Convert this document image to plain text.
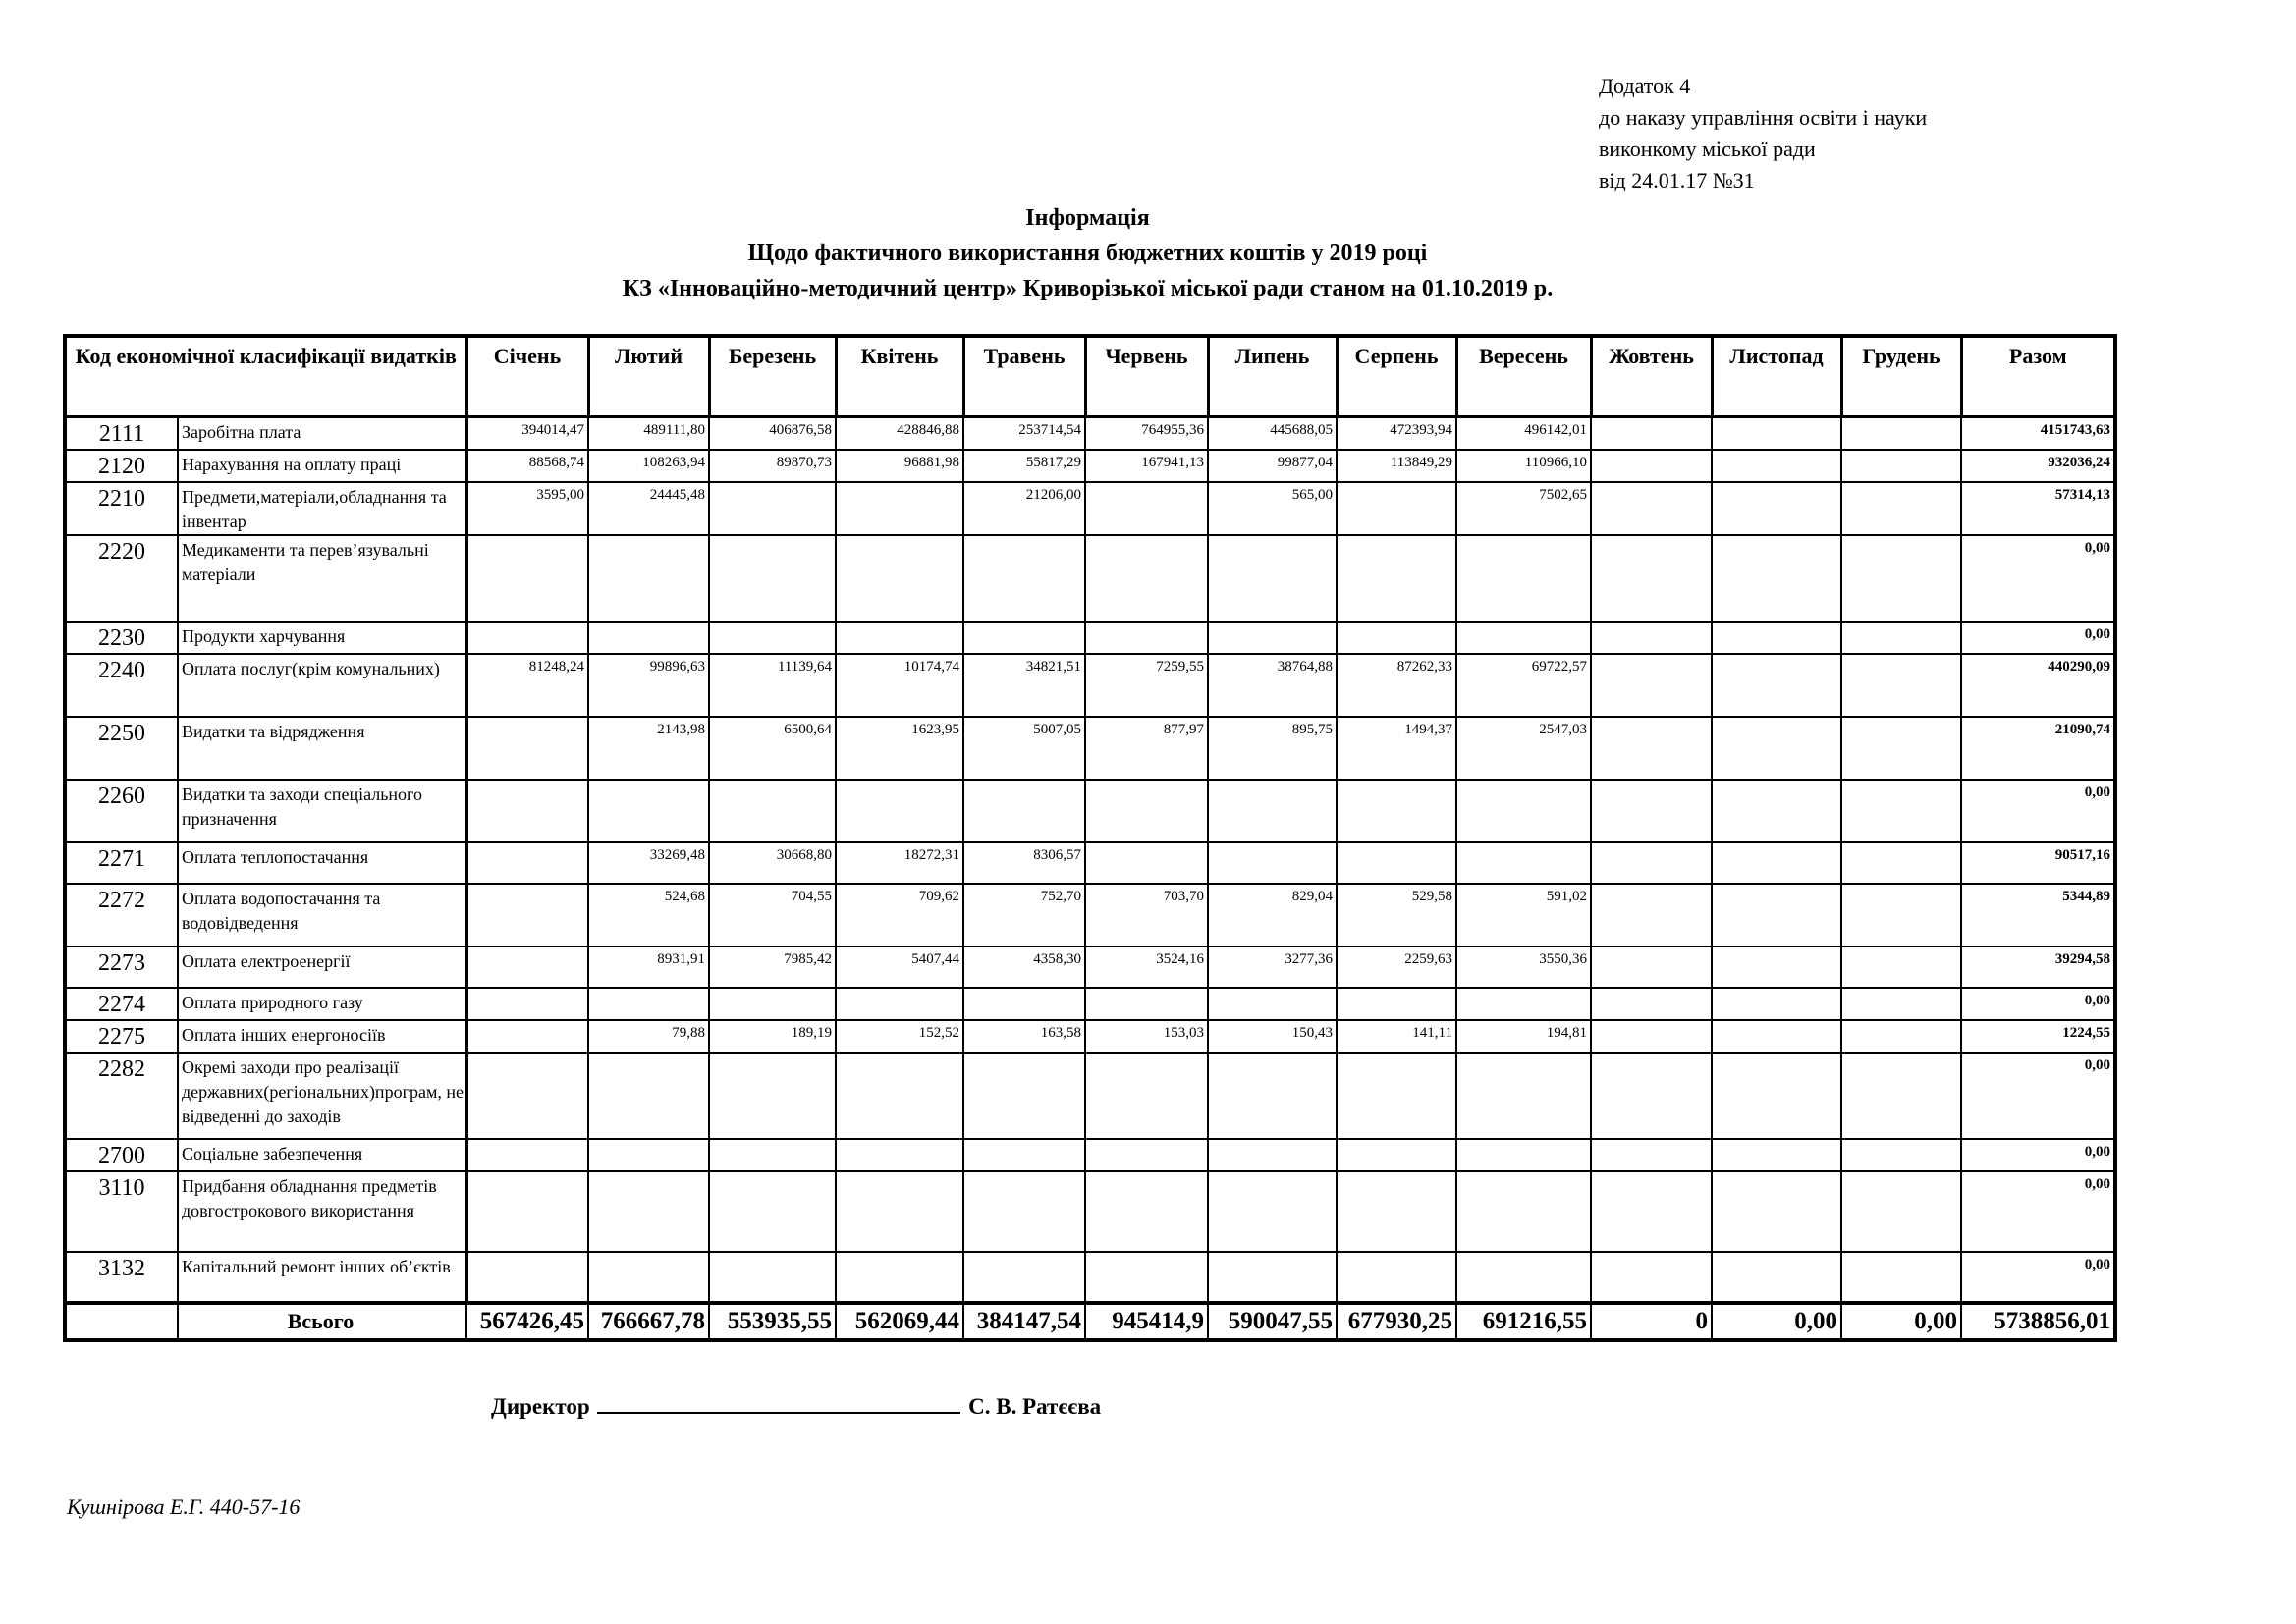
Додаток 4
до наказу управління освіти і науки
виконкому міської ради
від 24.01.17 №31
Інформація
Щодо фактичного використання бюджетних коштів у 2019 році
КЗ «Інноваційно-методичний центр» Криворізької міської ради станом на 01.10.2019 р.
Код економічної класифікації видатків		Січень	Лютий	Березень	Квітень	Травень	Червень	Липень	Серпень	Вересень	Жовтень	Листопад	Грудень	Разом
2111	Заробітна плата	394014,47	489111,80	406876,58	428846,88	253714,54	764955,36	445688,05	472393,94	496142,01				4151743,63
2120	Нарахування на оплату праці	88568,74	108263,94	89870,73	96881,98	55817,29	167941,13	99877,04	113849,29	110966,10				932036,24
2210	Предмети,матеріали,обладнання та інвентар	3595,00	24445,48			21206,00		565,00		7502,65				57314,13
2220	Медикаменти та перев’язувальні матеріали													0,00
2230	Продукти харчування													0,00
2240	Оплата послуг(крім комунальних)	81248,24	99896,63	11139,64	10174,74	34821,51	7259,55	38764,88	87262,33	69722,57				440290,09
2250	Видатки та відрядження		2143,98	6500,64	1623,95	5007,05	877,97	895,75	1494,37	2547,03				21090,74
2260	Видатки та заходи спеціального призначення													0,00
2271	Оплата теплопостачання		33269,48	30668,80	18272,31	8306,57								90517,16
2272	Оплата водопостачання та водовідведення		524,68	704,55	709,62	752,70	703,70	829,04	529,58	591,02				5344,89
2273	Оплата електроенергії		8931,91	7985,42	5407,44	4358,30	3524,16	3277,36	2259,63	3550,36				39294,58
2274	Оплата природного газу													0,00
2275	Оплата інших енергоносіїв		79,88	189,19	152,52	163,58	153,03	150,43	141,11	194,81				1224,55
2282	Окремі заходи про реалізації державних(регіональних)програм, не відведенні до заходів													0,00
2700	Соціальне забезпечення													0,00
3110	Придбання обладнання предметів довгострокового використання													0,00
3132	Капітальний ремонт інших об’єктів													0,00
	Всього	567426,45	766667,78	553935,55	562069,44	384147,54	945414,9	590047,55	677930,25	691216,55	0	0,00	0,00	5738856,01
Директор	С. В. Ратєєва
Кушнірова Е.Г. 440-57-16
